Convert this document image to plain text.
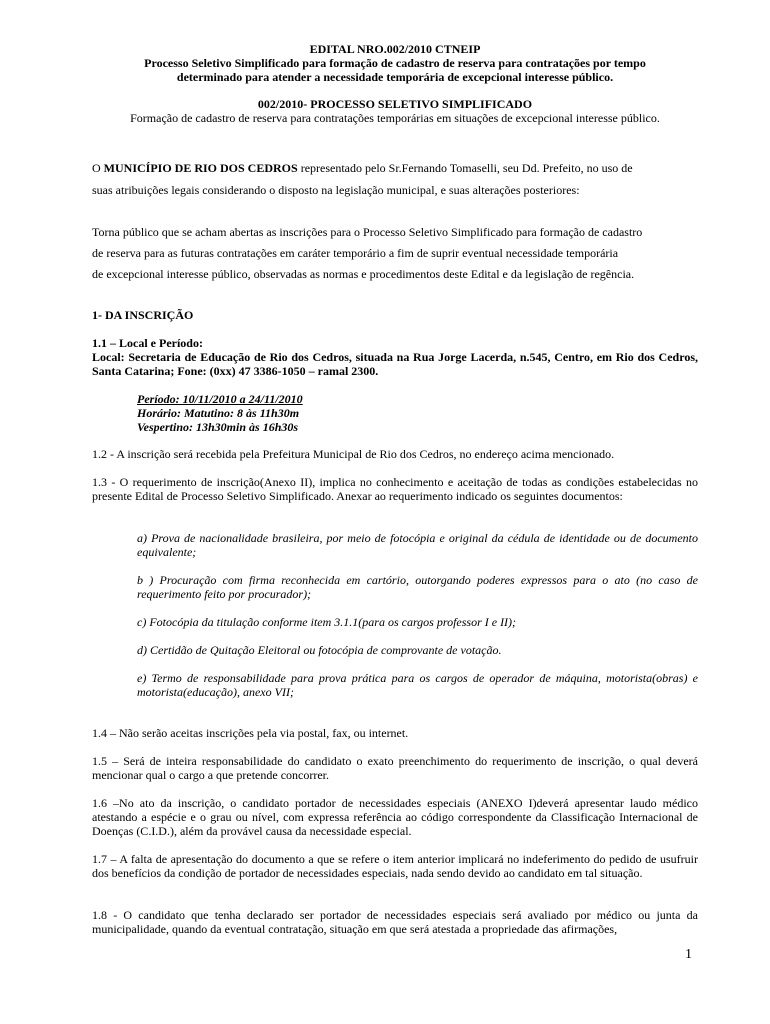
EDITAL NRO.002/2010 CTNEIP
Processo Seletivo Simplificado para formação de cadastro de reserva para contratações por tempo
determinado para atender a necessidade temporária de excepcional interesse público.
002/2010- PROCESSO SELETIVO SIMPLIFICADO
Formação de cadastro de reserva para contratações temporárias em situações de excepcional interesse público.
O MUNICÍPIO DE RIO DOS CEDROS representado pelo Sr.Fernando Tomaselli, seu Dd. Prefeito, no uso de
suas atribuições legais considerando o disposto na legislação municipal, e suas alterações posteriores:
Torna público que se acham abertas as inscrições para o Processo Seletivo Simplificado para formação de cadastro
de reserva para as futuras contratações em caráter temporário a fim de suprir eventual necessidade temporária
de excepcional interesse público, observadas as normas e procedimentos deste Edital e da legislação de regência.
1- DA INSCRIÇÃO
1.1 – Local e Período:
Local: Secretaria de Educação de Rio dos Cedros, situada na Rua Jorge Lacerda, n.545, Centro, em Rio dos Cedros, Santa Catarina; Fone: (0xx) 47 3386-1050 – ramal 2300.
Período: 10/11/2010 a 24/11/2010
Horário: Matutino: 8 às 11h30m
Vespertino: 13h30min às 16h30s
1.2 - A inscrição será recebida pela Prefeitura Municipal de Rio dos Cedros, no endereço acima mencionado.
1.3 - O requerimento de inscrição(Anexo II), implica no conhecimento e aceitação de todas as condições estabelecidas no presente Edital de Processo Seletivo Simplificado. Anexar ao requerimento indicado os seguintes documentos:
a) Prova de nacionalidade brasileira, por meio de fotocópia e original da cédula de identidade ou de documento equivalente;
b ) Procuração com firma reconhecida em cartório, outorgando poderes expressos para o ato (no caso de requerimento feito por procurador);
c) Fotocópia da titulação conforme item 3.1.1(para os cargos professor I e II);
d) Certidão de Quitação Eleitoral ou fotocópia de comprovante de votação.
e) Termo de responsabilidade para prova prática para os cargos de operador de máquina, motorista(obras) e motorista(educação), anexo VII;
1.4 – Não serão aceitas inscrições pela via postal, fax, ou internet.
1.5 – Será de inteira responsabilidade do candidato o exato preenchimento do requerimento de inscrição, o qual deverá mencionar qual o cargo a que pretende concorrer.
1.6 –No ato da inscrição, o candidato portador de necessidades especiais (ANEXO I)deverá apresentar laudo médico atestando a espécie e o grau ou nível, com expressa referência ao código correspondente da Classificação Internacional de Doenças (C.I.D.), além da provável causa da necessidade especial.
1.7 – A falta de apresentação do documento a que se refere o item anterior implicará no indeferimento do pedido de usufruir dos benefícios da condição de portador de necessidades especiais, nada sendo devido ao candidato em tal situação.
1.8 - O candidato que tenha declarado ser portador de necessidades especiais será avaliado por médico ou junta da municipalidade, quando da eventual contratação, situação em que será atestada a propriedade das afirmações,
1
